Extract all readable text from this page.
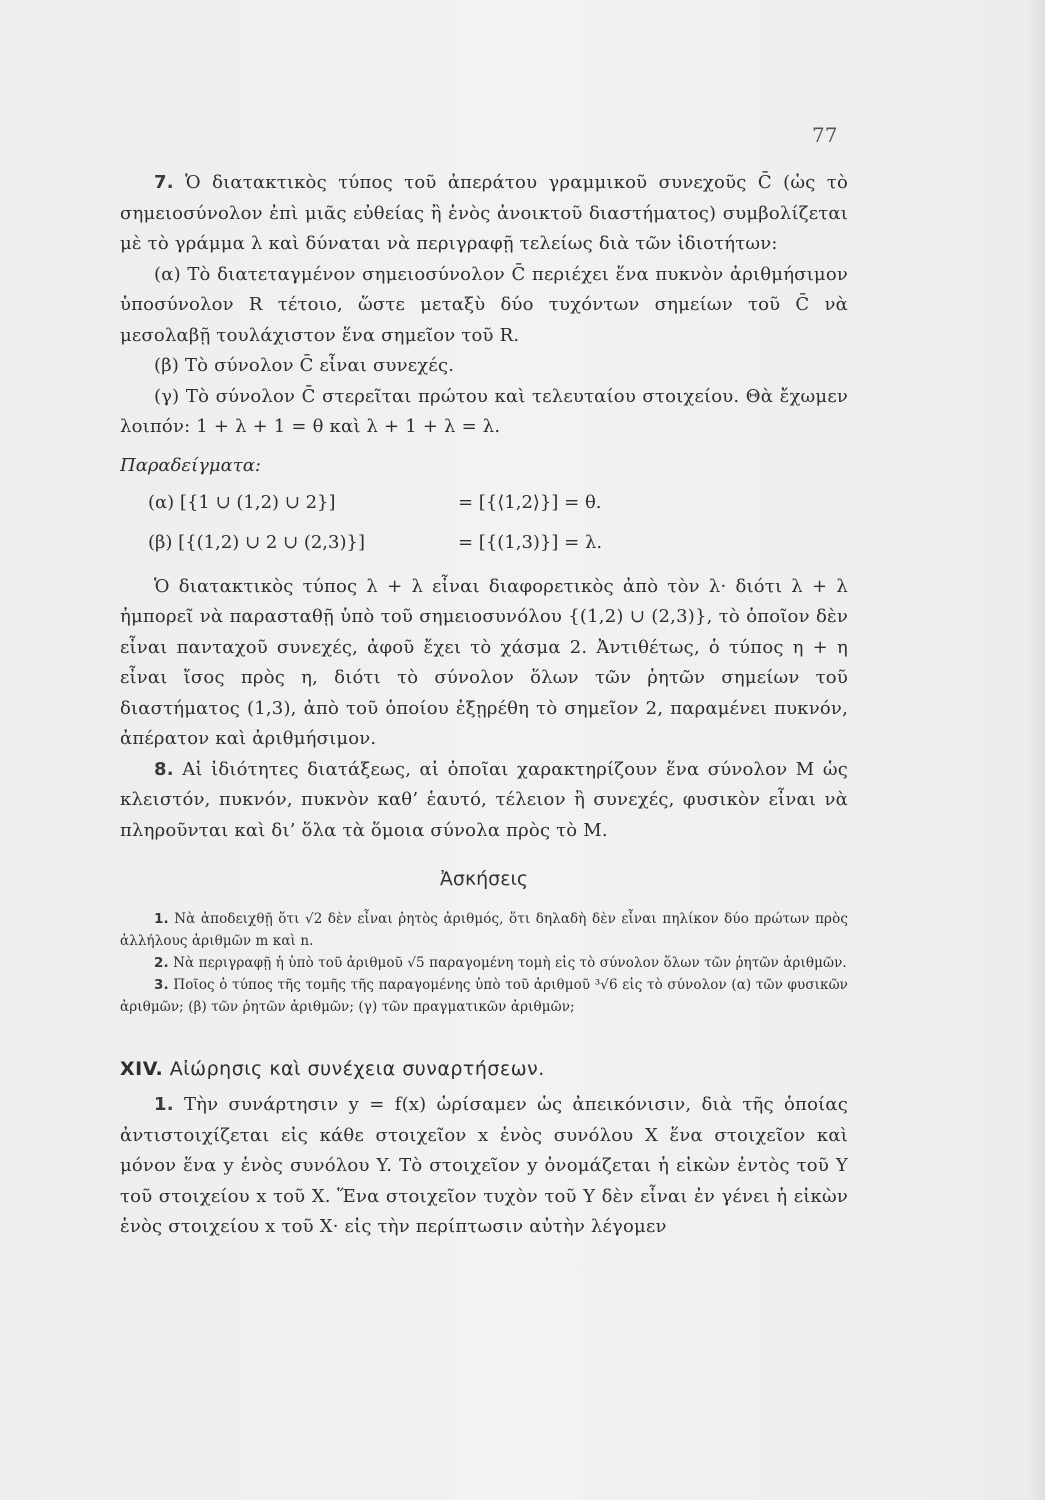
77

7. Ὁ διατακτικὸς τύπος τοῦ ἀπεράτου γραμμικοῦ συνεχοῦς C̄ (ὡς τὸ σημειοσύνολον ἐπὶ μιᾶς εὐθείας ἢ ἑνὸς ἀνοικτοῦ διαστήματος) συμβολίζεται μὲ τὸ γράμμα λ καὶ δύναται νὰ περιγραφῇ τελείως διὰ τῶν ἰδιοτήτων:

(α) Τὸ διατεταγμένον σημειοσύνολον C̄ περιέχει ἕνα πυκνὸν ἀριθμήσιμον ὑποσύνολον R τέτοιο, ὥστε μεταξὺ δύο τυχόντων σημείων τοῦ C̄ νὰ μεσολαβῇ τουλάχιστον ἕνα σημεῖον τοῦ R.

(β) Τὸ σύνολον C̄ εἶναι συνεχές.

(γ) Τὸ σύνολον C̄ στερεῖται πρώτου καὶ τελευταίου στοιχείου. Θὰ ἔχωμεν λοιπόν: 1 + λ + 1 = θ καὶ λ + 1 + λ = λ.

Παραδείγματα:
(α) [{1 ∪ (1,2) ∪ 2}]	= [{⟨1,2⟩}] = θ.
(β) [{(1,2) ∪ 2 ∪ (2,3)}]	= [{(1,3)}] = λ.

Ὁ διατακτικὸς τύπος λ + λ εἶναι διαφορετικὸς ἀπὸ τὸν λ· διότι λ + λ ἠμπορεῖ νὰ παρασταθῇ ὑπὸ τοῦ σημειοσυνόλου {(1,2) ∪ (2,3)}, τὸ ὁποῖον δὲν εἶναι πανταχοῦ συνεχές, ἀφοῦ ἔχει τὸ χάσμα 2. Ἀντιθέτως, ὁ τύπος η + η εἶναι ἴσος πρὸς η, διότι τὸ σύνολον ὅλων τῶν ῥητῶν σημείων τοῦ διαστήματος (1,3), ἀπὸ τοῦ ὁποίου ἐξῃρέθη τὸ σημεῖον 2, παραμένει πυκνόν, ἀπέρατον καὶ ἀριθμήσιμον.

8. Αἱ ἰδιότητες διατάξεως, αἱ ὁποῖαι χαρακτηρίζουν ἕνα σύνολον M ὡς κλειστόν, πυκνόν, πυκνὸν καθ’ ἑαυτό, τέλειον ἢ συνεχές, φυσικὸν εἶναι νὰ πληροῦνται καὶ δι’ ὅλα τὰ ὅμοια σύνολα πρὸς τὸ M.

Ἀσκήσεις

1. Νὰ ἀποδειχθῇ ὅτι √2 δὲν εἶναι ῥητὸς ἀριθμός, ὅτι δηλαδὴ δὲν εἶναι πηλίκον δύο πρώτων πρὸς ἀλλήλους ἀριθμῶν m καὶ n.

2. Νὰ περιγραφῇ ἡ ὑπὸ τοῦ ἀριθμοῦ √5 παραγομένη τομὴ εἰς τὸ σύνολον ὅλων τῶν ῥητῶν ἀριθμῶν.

3. Ποῖος ὁ τύπος τῆς τομῆς τῆς παραγομένης ὑπὸ τοῦ ἀριθμοῦ ³√6 εἰς τὸ σύνολον (α) τῶν φυσικῶν ἀριθμῶν; (β) τῶν ῥητῶν ἀριθμῶν; (γ) τῶν πραγματικῶν ἀριθμῶν;

XIV. Αἰώρησις καὶ συνέχεια συναρτήσεων.

1. Τὴν συνάρτησιν y = f(x) ὡρίσαμεν ὡς ἀπεικόνισιν, διὰ τῆς ὁποίας ἀντιστοιχίζεται εἰς κάθε στοιχεῖον x ἑνὸς συνόλου X ἕνα στοιχεῖον καὶ μόνον ἕνα y ἑνὸς συνόλου Y. Τὸ στοιχεῖον y ὀνομάζεται ἡ εἰκὼν ἐντὸς τοῦ Y τοῦ στοιχείου x τοῦ X. Ἕνα στοιχεῖον τυχὸν τοῦ Y δὲν εἶναι ἐν γένει ἡ εἰκὼν ἑνὸς στοιχείου x τοῦ X· εἰς τὴν περίπτωσιν αὐτὴν λέγομεν
